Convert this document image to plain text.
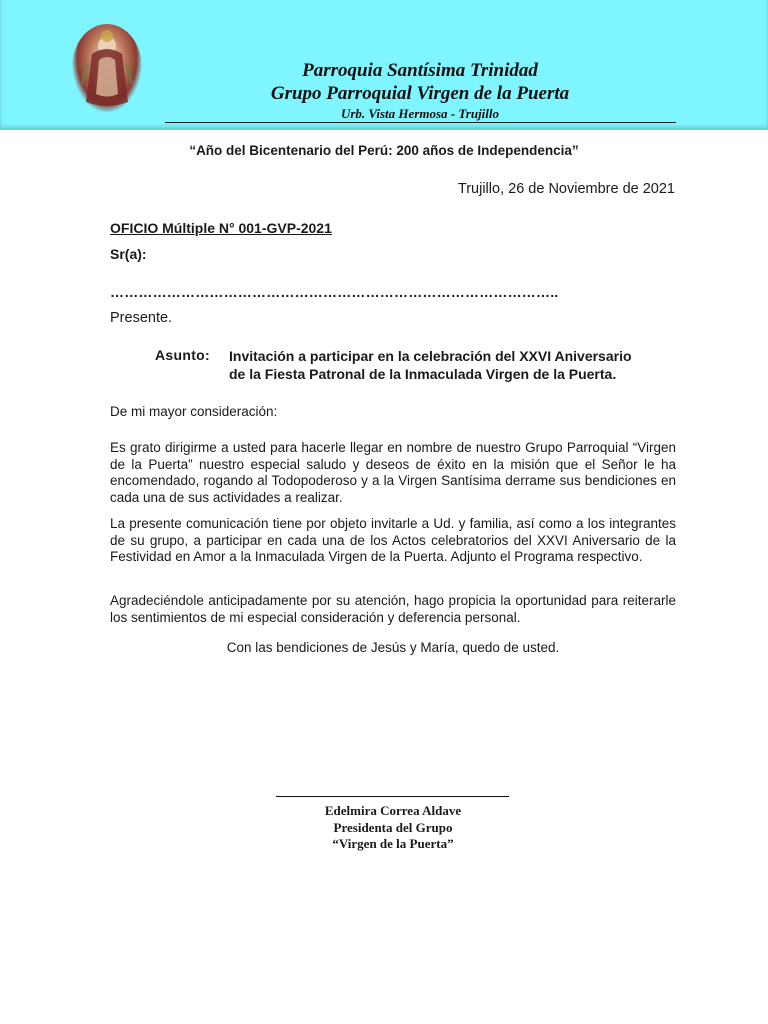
Parroquia Santísima Trinidad
Grupo Parroquial Virgen de la Puerta
Urb. Vista Hermosa - Trujillo
“Año del Bicentenario del Perú: 200 años de Independencia”
Trujillo, 26 de Noviembre de 2021
OFICIO Múltiple N° 001-GVP-2021
Sr(a):
…………………………………………………………………………………..
Presente.
Asunto: Invitación a participar en la celebración del XXVI Aniversario
de la Fiesta Patronal de la Inmaculada Virgen de la Puerta.
De mi mayor consideración:
Es grato dirigirme a usted para hacerle llegar en nombre de nuestro Grupo Parroquial “Virgen de la Puerta” nuestro especial saludo y deseos de éxito en la misión que el Señor le ha encomendado, rogando al Todopoderoso y a la Virgen Santísima derrame sus bendiciones en cada una de sus actividades a realizar.
La presente comunicación tiene por objeto invitarle a Ud. y familia, así como a los integrantes de su grupo, a participar en cada una de los Actos celebratorios del XXVI Aniversario de la Festividad en Amor a la Inmaculada Virgen de la Puerta. Adjunto el Programa respectivo.
Agradeciéndole anticipadamente por su atención, hago propicia la oportunidad para reiterarle los sentimientos de mi especial consideración y deferencia personal.
Con las bendiciones de Jesús y María, quedo de usted.
Edelmira Correa Aldave
Presidenta del Grupo
“Virgen de la Puerta”
